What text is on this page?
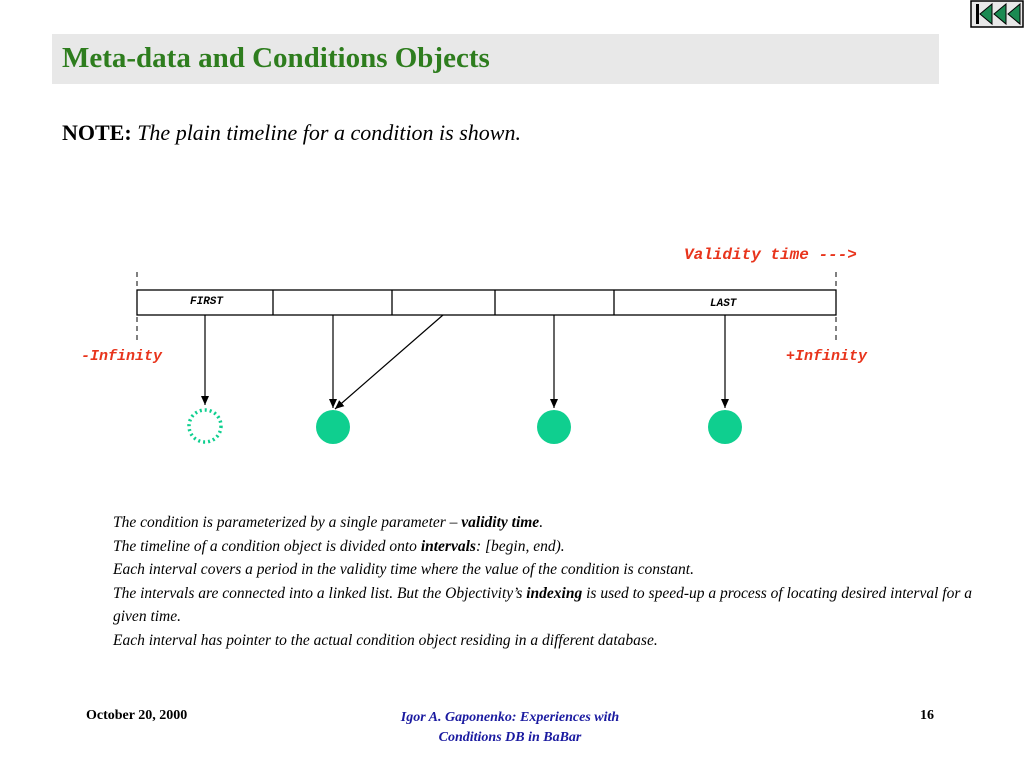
Meta-data and Conditions Objects
NOTE: The plain timeline for a condition is shown.
Validity time --->
-Infinity	+Infinity
FIRST	LAST
The condition is parameterized by a single parameter – validity time.
The timeline of a condition object is divided onto intervals: [begin, end).
Each interval covers a period in the validity time where the value of the condition is constant.
The intervals are connected into a linked list. But the Objectivity’s indexing is used to speed-up a process of locating desired interval for a given time.
Each interval has pointer to the actual condition object residing in a different database.
October 20, 2000	Igor A. Gaponenko: Experiences with
Conditions DB in BaBar
16
